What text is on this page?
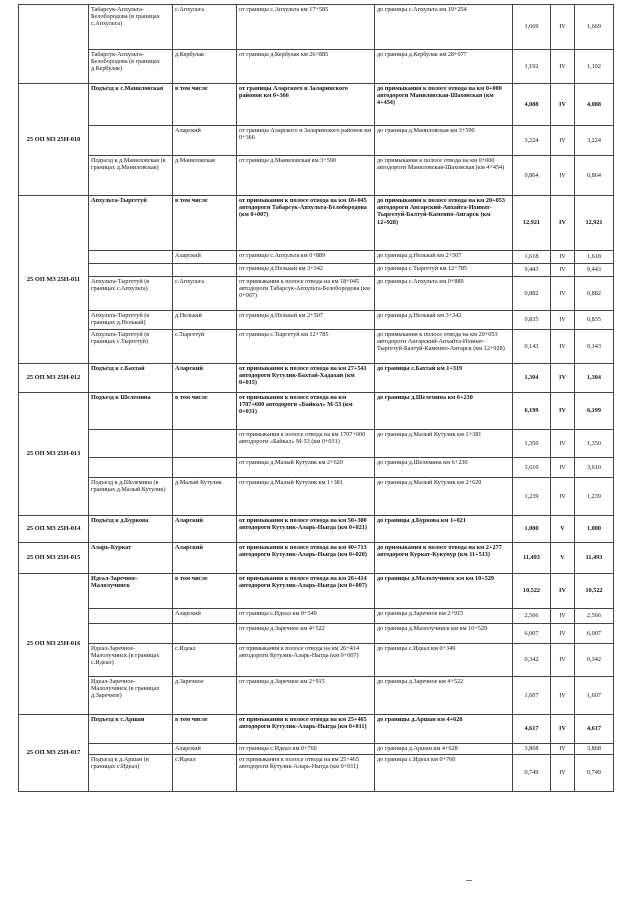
	Табарсук-Апхульта-Белобородова (в границах с.Апхульта)	с.Апхульта	от границы с.Апхульта км 17+585	до границы с.Апхульта км 19+254	1,669	IV	1,669
	Табарсук-Апхульта-Белобородова (в границах д.Кербулак)	д.Кербулак	от границы д.Кербулак км 26+885	до границы д.Кербулак км 28+077	1,192	IV	1,192
25 ОП МЗ 25Н-010	Подъезд к с.Маниловская	в том числе	от границы Аларского и Заларинского районов км 0+366	до примыкания к полосе отвода на км 0+000 автодороги Маниловская-Шаховская (км 4+454)	4,088	IV	4,088
		Аларский	от границы Аларского и Заларинского районов км 0+366	до границы д.Маниловская км 3+590	3,224	IV	3,224
	Подъезд к д.Маниловская (в границах д.Маниловская)	д.Маниловская	от границы д.Маниловская км 3+590	до примыкания к полосе отвода на км 0+000 автодороги Маниловская-Шаховская (км 4+454)	0,864	IV	0,864
25 ОП МЗ 25Н-011	Апхульта-Тыргетуй	в том числе	от примыкания к полосе отвода на км 18+045 автодороги Табарсук-Апхульта-Белобородова (км 0+007)	до примыкания к полосе отвода на км 20+053 автодороги Ангарский-Апхайта-Ихинат-Тыргетуй-Балтуй-Каменно-Ангарск (км 12+928)	12,921	IV	12,921
		Аларский	от границы с.Апхульта км 0+889	до границы д.Нелькай км 2+507	1,618	IV	1,618
			от границы д.Нелькай км 3+342	до границы с.Тыргетуй км 12+785	9,443	IV	9,443
	Апхульта-Тыргетуй (в границах с.Апхульта)	с.Апхульта	от примыкания к полосе отвода на км 18+045 автодороги Табарсук-Апхульта-Белобородова (км 0+007)	до границы с.Апхульта км 0+889	0,882	IV	0,882
	Апхульта-Тыргетуй (в границах д.Нелькай)	д.Нелькай	от границы д.Нелькай км 2+507	до границы д.Нелькай км 3+342	0,835	IV	0,835
	Апхульта-Тыргетуй (в границах с.Тыргетуй)	с.Тыргетуй	от границы с.Тыргетуй км 12+785	до примыкания к полосе отвода на км 20+053 автодороги Ангарский-Апхайта-Ихинат-Тыргетуй-Балтуй-Каменно-Ангарск (км 12+928)	0,143	IV	0,143
25 ОП МЗ 25Н-012	Подъезд к с.Бахтай	Аларский	от примыкания к полосе отвода на км 27+541 автодороги Кутулик-Бахтай-Хадахан (км 0+015)	до границы с.Бахтай км 1+319	1,304	IV	1,304
25 ОП МЗ 25Н-013	Подъезд к Шелемина	в том числе	от примыкания к полосе отвода на км 1707+600 автодороги «Байкал» М-53 (км 0+031)	до границы д.Шелемина км 6+230	6,199	IV	6,199
			от примыкания к полосе отвода на км 1707+600 автодороги «Байкал» М-53 (км 0+031)	до границы д.Малый Кутулик км 1+381	1,350	IV	1,350
			от границы д.Малый Кутулик км 2+620	до границы д.Шелемина км 6+230	3,610	IV	3,610
	Подъезд к д.Шелемина (в границах д.Малый Кутулик)	д.Малый Кутулик	от границы д.Малый Кутулик км 1+381	до границы д.Малый Кутулик км 2+620	1,239	IV	1,239
25 ОП МЗ 25Н-014	Подъезд к д.Буркова	Аларский	от примыкания к полосе отвода на км 50+300 автодороги Кутулик-Аларь-Ныгда (км 0+021)	до границы д.Буркова км 1+021	1,000	V	1,000
25 ОП МЗ 25Н-015	Аларь-Куркат	Аларский	от примыкания к полосе отвода на км 40+713 автодороги Кутулик-Аларь-Ныгда (км 0+020)	до примыкания к полосе отвода на км 2+277 автодороги Куркат-Кукунур (км 11+513)	11,493	V	11,493
25 ОП МЗ 25Н-016	Идеал-Заречное-Малолучинск	в том числе	от примыкания к полосе отвода на км 26+414 автодороги Кутулик-Аларь-Ныгда (км 0+007)	до границы д.Малолучинск км км 10+529	10,522	IV	10,522
		Аларский	от границы с.Идеал км 0+349	до границы д.Заречное км 2+915	2,566	IV	2,566
			от границы д.Заречное км 4+522	до границы д.Малолучинск км км 10+529	6,007	IV	6,007
	Идеал-Заречное-Малолучинск (в границах с.Идеал)	с.Идеал	от примыкания к полосе отвода на км 26+414 автодороги Кутулик-Аларь-Ныгда (км 0+007)	до границы с.Идеал км 0+349	0,342	IV	0,342
	Идеал-Заречное-Малолучинск (в границах д.Заречное)	д.Заречное	от границы д.Заречное км 2+915	до границы д.Заречное км 4+522	1,607	IV	1,607
25 ОП МЗ 25Н-017	Подъезд к с.Аршан	в том числе	от примыкания к полосе отвода на км 25+465 автодороги Кутулик-Аларь-Ныгда (км 0+011)	до границы д.Аршан км 4+628	4,617	IV	4,617
		Аларский	от границы с.Идеал км 0+760	до границы д.Аршан км 4+628	3,868	IV	3,868
	Подъезд к д.Аршан (в границах с.Идеал)	с.Идеал	от примыкания к полосе отвода на км 25+465 автодороги Кутулик-Аларь-Ныгда (км 0+011)	до границы с.Идеал км 0+760	0,749	IV	0,749
